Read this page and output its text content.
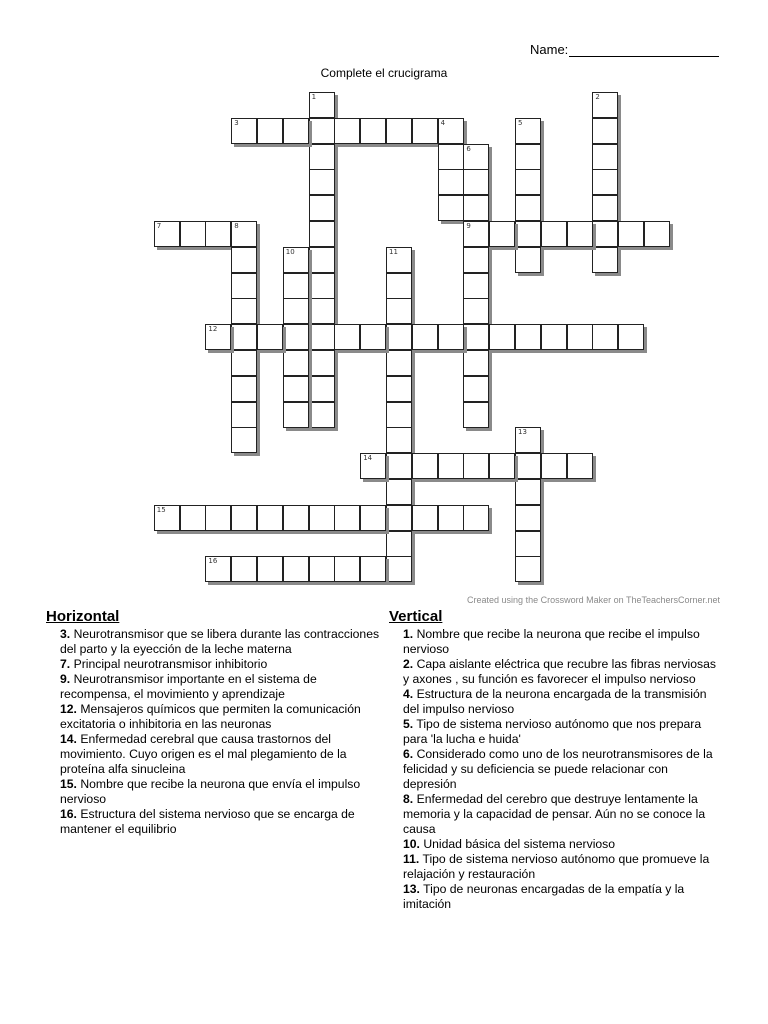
Name:
Complete el crucigrama
1	2
3	4	5
6
9
7	8
10	11
12
13
14
15
16
Created using the Crossword Maker on TheTeachersCorner.net
Horizontal
3. Neurotransmisor que se libera durante las contracciones del parto y la eyección de la leche materna
7. Principal neurotransmisor inhibitorio
9. Neurotransmisor importante en el sistema de recompensa, el movimiento y aprendizaje
12. Mensajeros químicos que permiten la comunicación excitatoria o inhibitoria en las neuronas
14. Enfermedad cerebral que causa trastornos del movimiento. Cuyo origen es el mal plegamiento de la proteína alfa sinucleina
15. Nombre que recibe la neurona que envía el impulso nervioso
16. Estructura del sistema nervioso que se encarga de mantener el equilibrio
Vertical
1. Nombre que recibe la neurona que recibe el impulso nervioso
2. Capa aislante eléctrica que recubre las fibras nerviosas y axones , su función es favorecer el impulso nervioso
4. Estructura de la neurona encargada de la transmisión del impulso nervioso
5. Tipo de sistema nervioso autónomo que nos prepara para 'la lucha e huida'
6. Considerado como uno de los neurotransmisores de la felicidad y su deficiencia se puede relacionar con depresión
8. Enfermedad del cerebro que destruye lentamente la memoria y la capacidad de pensar. Aún no se conoce la causa
10. Unidad básica del sistema nervioso
11. Tipo de sistema nervioso autónomo que promueve la relajación y restauración
13. Tipo de neuronas encargadas de la empatía y la imitación
